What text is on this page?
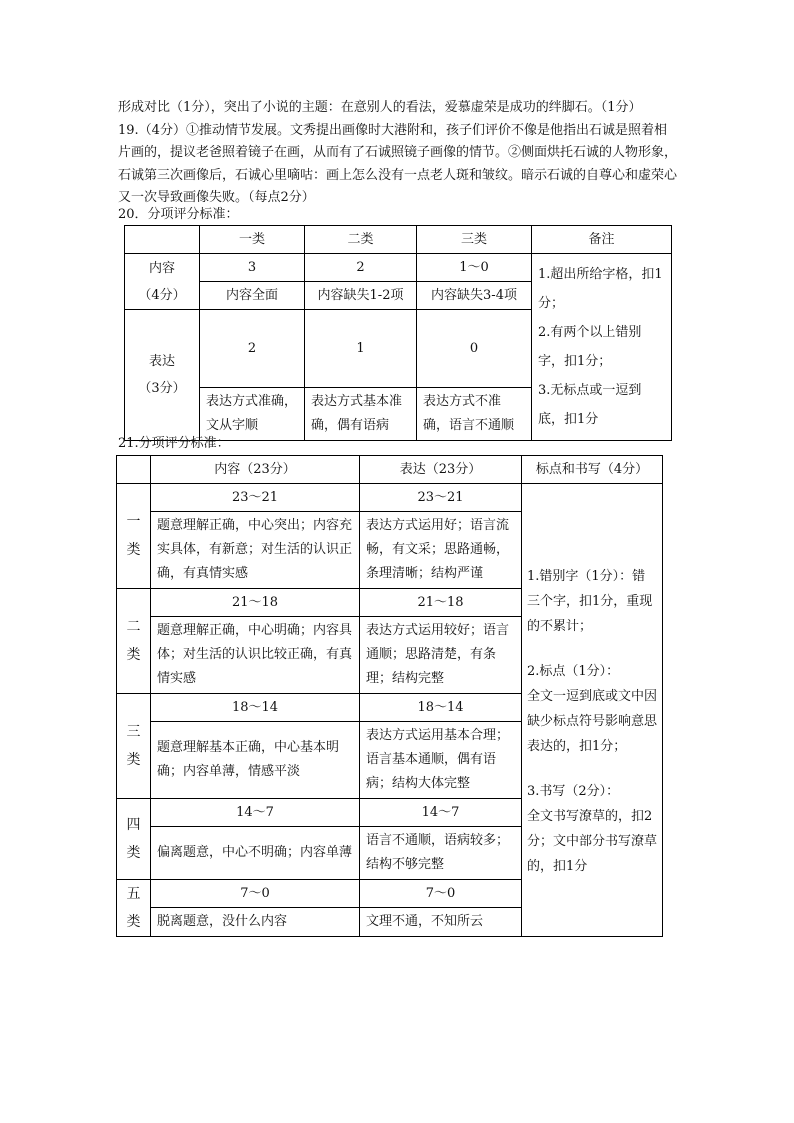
形成对比（1分），突出了小说的主题：在意别人的看法，爱慕虚荣是成功的绊脚石。（1分）
19.（4分）①推动情节发展。文秀提出画像时大港附和，孩子们评价不像是他指出石诚是照着相片画的，提议老爸照着镜子在画，从而有了石诚照镜子画像的情节。②侧面烘托石诚的人物形象，石诚第三次画像后，石诚心里嘀咕：画上怎么没有一点老人斑和皱纹。暗示石诚的自尊心和虚荣心又一次导致画像失败。（每点2分）

20．分项评分标准：

	一类	二类	三类	备注
内容
（4分）	3	2	1～0	1.超出所给字格，扣1分；
2.有两个以上错别字，扣1分；
3.无标点或一逗到底，扣1分
	内容全面	内容缺失1-2项	内容缺失3-4项	
表达
（3分）	2	1	0	
	表达方式准确，文从字顺	表达方式基本准确，偶有语病	表达方式不准确，语言不通顺	

21.分项评分标准：

	内容（23分）	表达（23分）	标点和书写（4分）
一类	23～21	23～21	1.错别字（1分）：错三个字，扣1分，重现的不累计；
2.标点（1分）：
全文一逗到底或文中因缺少标点符号影响意思表达的，扣1分；
3.书写（2分）：
全文书写潦草的，扣2分；文中部分书写潦草的，扣1分

	题意理解正确，中心突出；内容充实具体，有新意；对生活的认识正确，有真情实感	表达方式运用好；语言流畅，有文采；思路通畅，条理清晰；结构严谨	
二类	21～18	21～18	
	题意理解正确，中心明确；内容具体；对生活的认识比较正确，有真情实感	表达方式运用较好；语言通顺；思路清楚，有条理；结构完整	
三类	18～14	18～14	
	题意理解基本正确，中心基本明确；内容单薄，情感平淡	表达方式运用基本合理；语言基本通顺，偶有语病；结构大体完整	
四类	14～7	14～7	
	偏离题意，中心不明确；内容单薄	语言不通顺，语病较多；结构不够完整	
五类	7～0	7～0	
	脱离题意，没什么内容	文理不通，不知所云	
